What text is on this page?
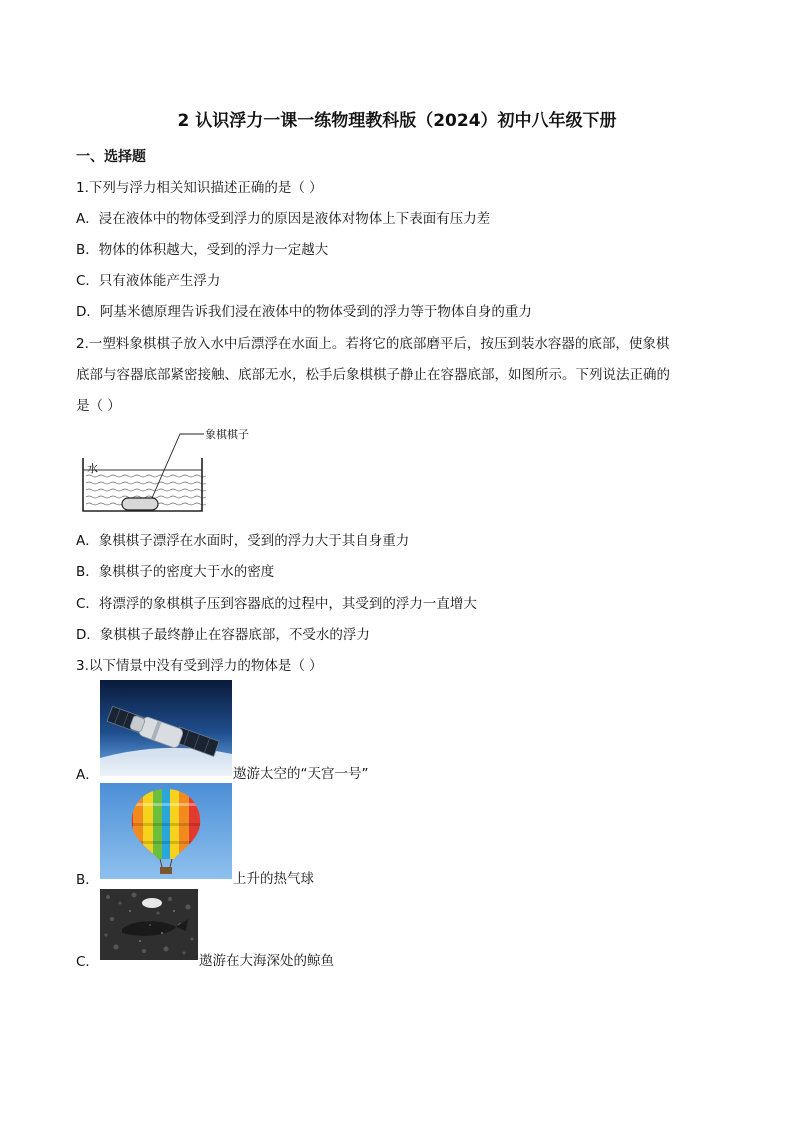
2 认识浮力一课一练物理教科版（2024）初中八年级下册
一、选择题
1.下列与浮力相关知识描述正确的是（ ）
A．浸在液体中的物体受到浮力的原因是液体对物体上下表面有压力差
B．物体的体积越大，受到的浮力一定越大
C．只有液体能产生浮力
D．阿基米德原理告诉我们浸在液体中的物体受到的浮力等于物体自身的重力
2.一塑料象棋棋子放入水中后漂浮在水面上。若将它的底部磨平后，按压到装水容器的底部，使象棋
底部与容器底部紧密接触、底部无水，松手后象棋棋子静止在容器底部，如图所示。下列说法正确的
是（ ）
象棋棋子
水
A．象棋棋子漂浮在水面时，受到的浮力大于其自身重力
B．象棋棋子的密度大于水的密度
C．将漂浮的象棋棋子压到容器底的过程中，其受到的浮力一直增大
D．象棋棋子最终静止在容器底部，不受水的浮力
3.以下情景中没有受到浮力的物体是（ ）
A．	遨游太空的“天宫一号”
B．	上升的热气球
C．	遨游在大海深处的鲸鱼
